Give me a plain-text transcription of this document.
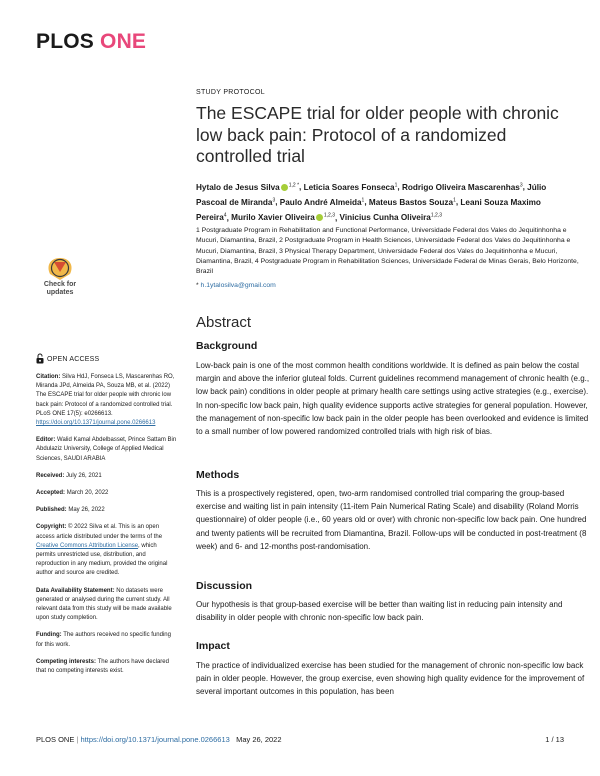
PLOS ONE
STUDY PROTOCOL
The ESCAPE trial for older people with chronic low back pain: Protocol of a randomized controlled trial
Hytalo de Jesus Silva $^{1,2 *}$, Leticia Soares Fonseca$^1$, Rodrigo Oliveira Mascarenhas$^3$, Júlio Pascoal de Miranda$^3$, Paulo André Almeida$^1$, Mateus Bastos Souza$^1$, Leani Souza Maximo Pereira$^4$, Murilo Xavier Oliveira $^{1,2,3}$, Vinicius Cunha Oliveira$^{1,2,3}$
1 Postgraduate Program in Rehabilitation and Functional Performance, Universidade Federal dos Vales do Jequitinhonha e Mucuri, Diamantina, Brazil, 2 Postgraduate Program in Health Sciences, Universidade Federal dos Vales do Jequitinhonha e Mucuri, Diamantina, Brazil, 3 Physical Therapy Department, Universidade Federal dos Vales do Jequitinhonha e Mucuri, Diamantina, Brazil, 4 Postgraduate Program in Rehabilitation Sciences, Universidade Federal de Minas Gerais, Belo Horizonte, Brazil
* h.1ytalosilva@gmail.com
Check for updates
Abstract
Background

Low-back pain is one of the most common health conditions worldwide. It is defined as pain below the costal margin and above the inferior gluteal folds. Current guidelines recommend management of chronic health (e.g., low back pain) conditions in older people at primary health care settings using active strategies (e.g., exercise). In non-specific low back pain, high quality evidence supports active strategies for general population. However, the management of non-specific low back pain in the older people has been overlooked and evidence is limited to a small number of low powered randomized controlled trials with high risk of bias.

Methods

This is a prospectively registered, open, two-arm randomised controlled trial comparing the group-based exercise and waiting list in pain intensity (11-item Pain Numerical Rating Scale) and disability (Roland Morris questionnaire) of older people (i.e., 60 years old or over) with chronic non-specific low back pain. One hundred and twenty patients will be recruited from Diamantina, Brazil. Follow-ups will be conducted in post-treatment (8 week) and 6- and 12-months post-randomisation.

Discussion

Our hypothesis is that group-based exercise will be better than waiting list in reducing pain intensity and disability in older people with chronic non-specific low back pain.

Impact

The practice of individualized exercise has been studied for the management of chronic non-specific low back pain in older people. However, the group exercise, even showing high quality evidence for the improvement of several important outcomes in this population, has been

OPEN ACCESS

Citation: Silva HdJ, Fonseca LS, Mascarenhas RO, Miranda JPd, Almeida PA, Souza MB, et al. (2022) The ESCAPE trial for older people with chronic low back pain: Protocol of a randomized controlled trial. PLoS ONE 17(5): e0266613. https://doi.org/10.1371/journal.pone.0266613

Editor: Walid Kamal Abdelbasset, Prince Sattam Bin Abdulaziz University, College of Applied Medical Sciences, SAUDI ARABIA

Received: July 26, 2021

Accepted: March 20, 2022

Published: May 26, 2022

Copyright: © 2022 Silva et al. This is an open access article distributed under the terms of the Creative Commons Attribution License, which permits unrestricted use, distribution, and reproduction in any medium, provided the original author and source are credited.

Data Availability Statement: No datasets were generated or analysed during the current study. All relevant data from this study will be made available upon study completion.

Funding: The authors received no specific funding for this work.

Competing interests: The authors have declared that no competing interests exist.

PLOS ONE | https://doi.org/10.1371/journal.pone.0266613 May 26, 2022	1 / 13
